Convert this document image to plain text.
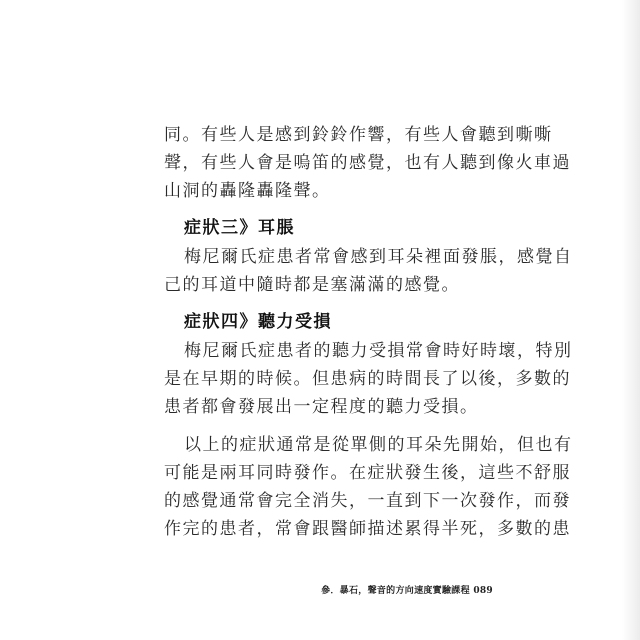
同。有些人是感到鈴鈴作響，有些人會聽到嘶嘶
聲，有些人會是嗚笛的感覺，也有人聽到像火車過
山洞的轟隆轟隆聲。
症狀三》耳脹
梅尼爾氏症患者常會感到耳朵裡面發脹，感覺自
己的耳道中隨時都是塞滿滿的感覺。
症狀四》聽力受損
梅尼爾氏症患者的聽力受損常會時好時壞，特別
是在早期的時候。但患病的時間長了以後，多數的
患者都會發展出一定程度的聽力受損。
以上的症狀通常是從單側的耳朵先開始，但也有
可能是兩耳同時發作。在症狀發生後，這些不舒服
的感覺通常會完全消失，一直到下一次發作，而發
作完的患者，常會跟醫師描述累得半死，多數的患
參．暴石，聲音的方向速度實驗課程 089
